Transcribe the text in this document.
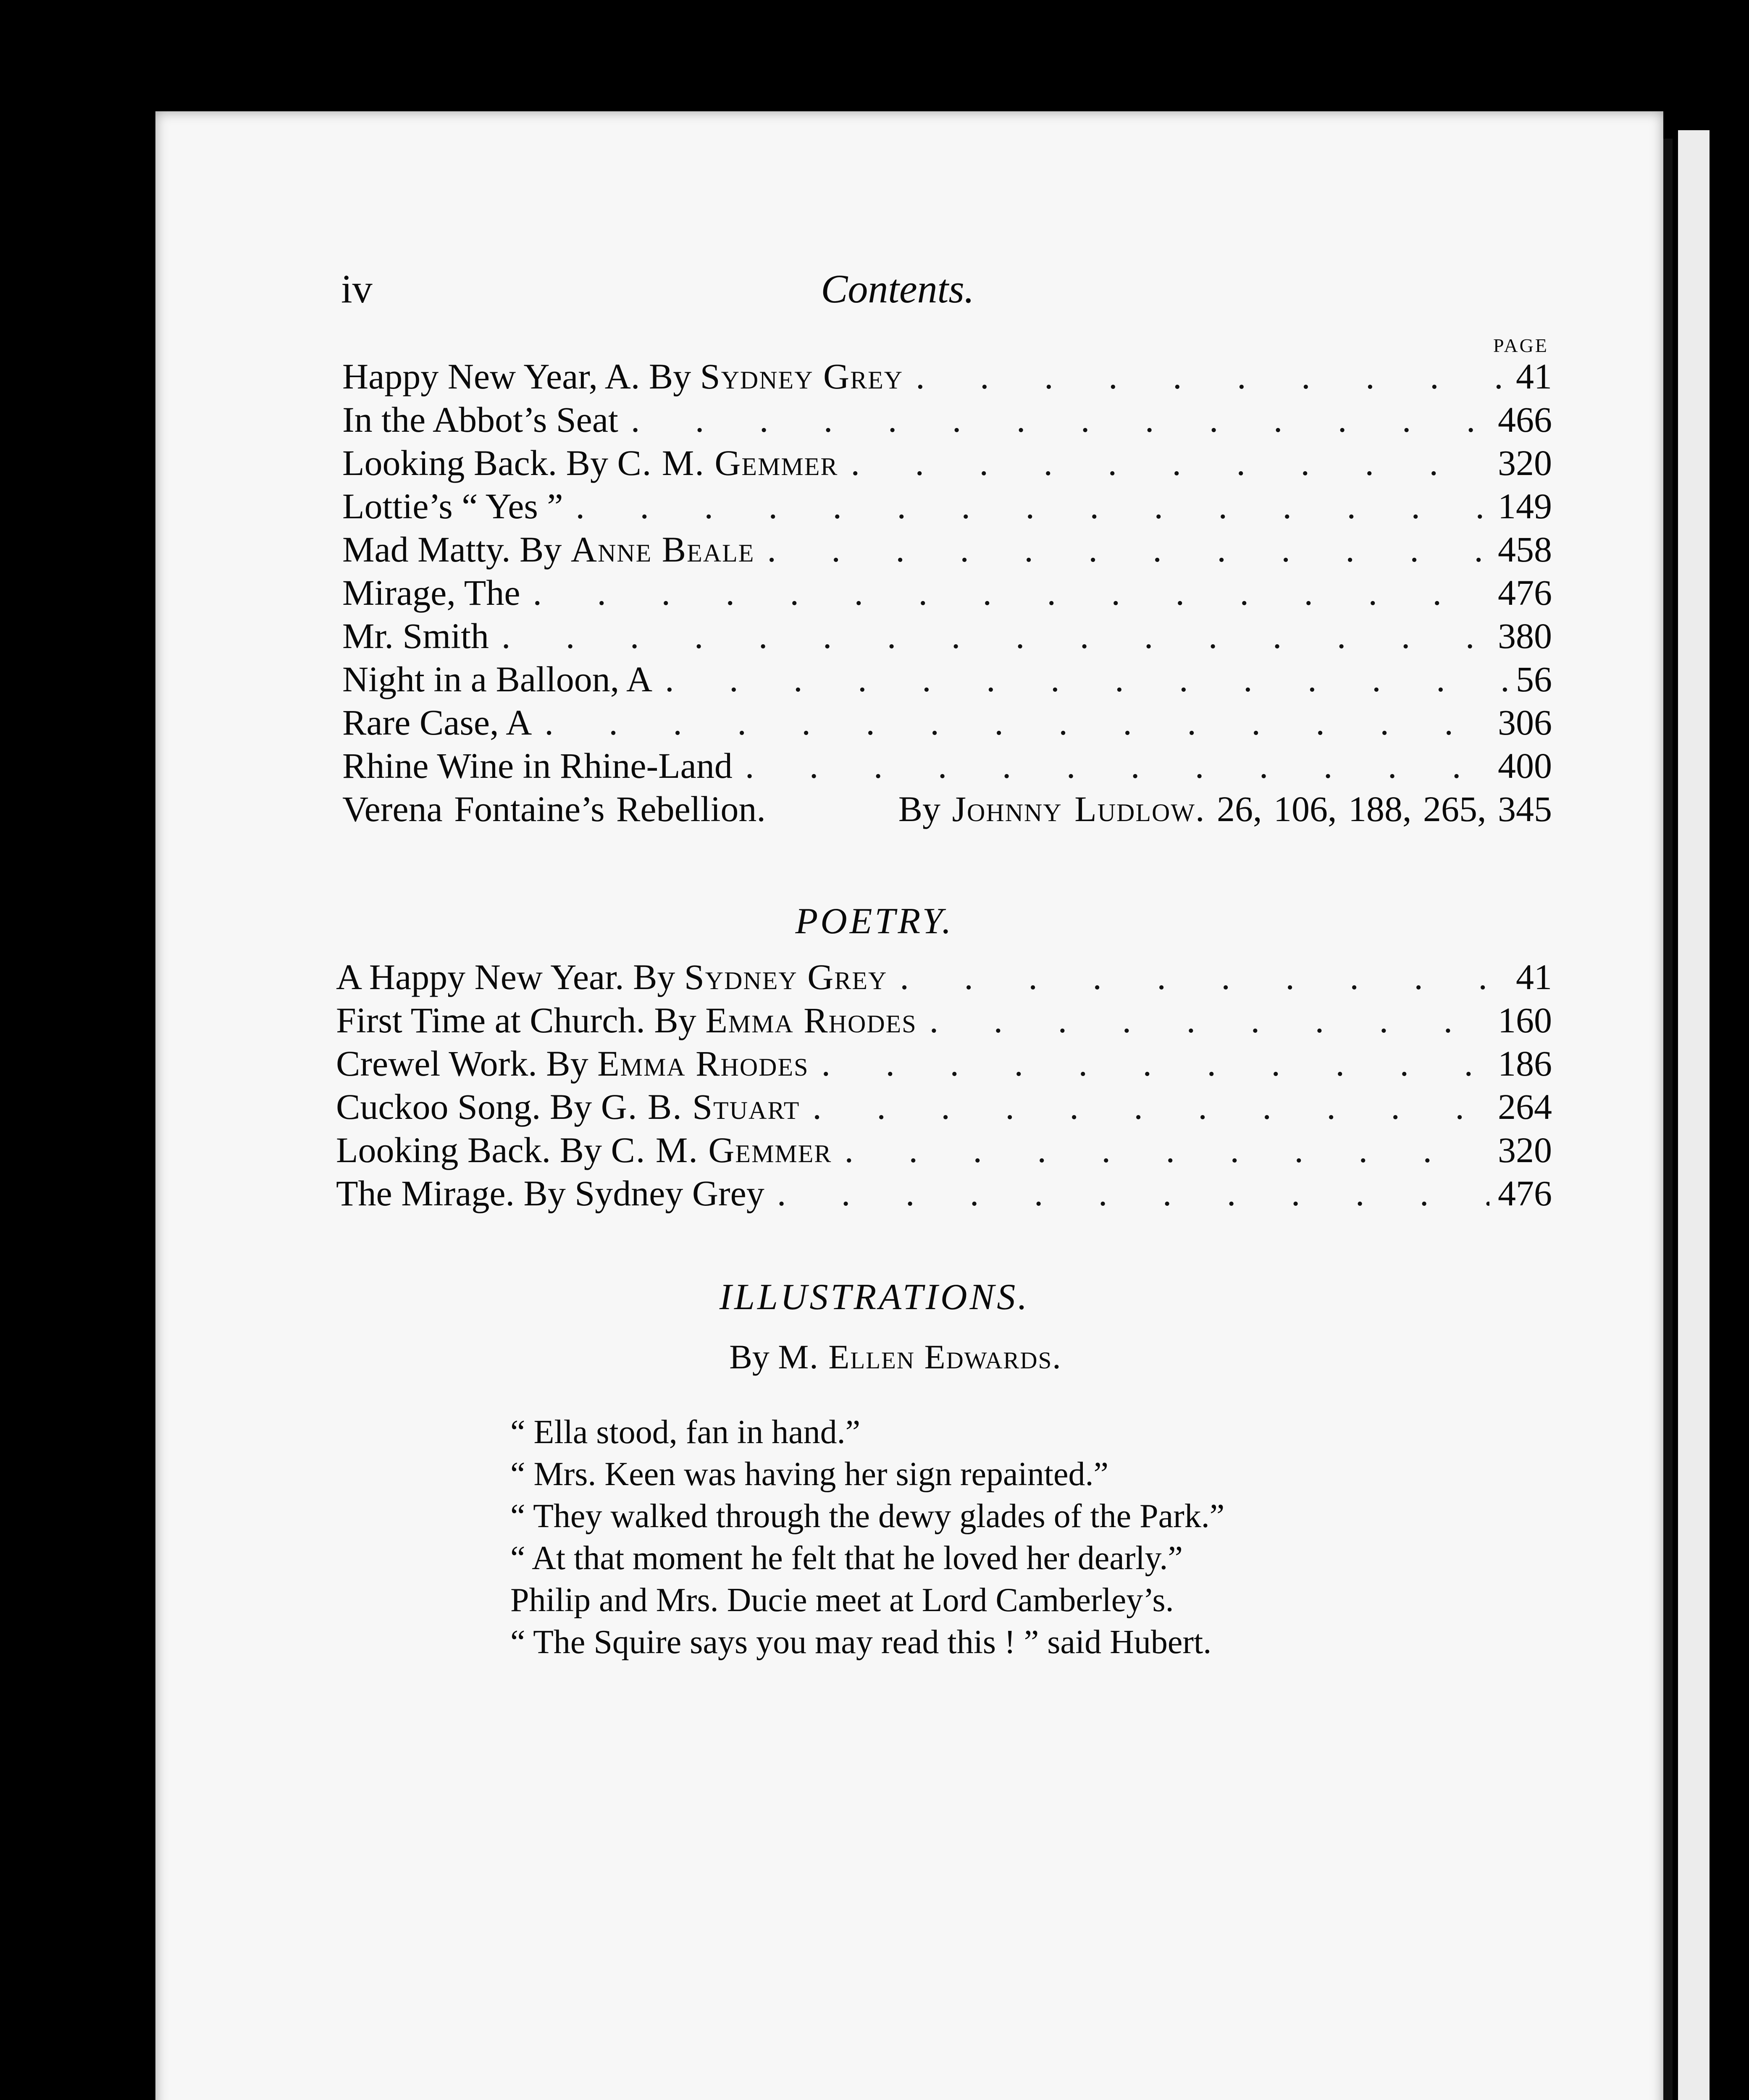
iv	Contents.
PAGE
Happy New Year, A. By Sydney Grey . . .	41
In the Abbot’s Seat . . .	466
Looking Back. By C. M. Gemmer . . .	320
Lottie’s “ Yes ” . . .	149
Mad Matty. By Anne Beale . . .	458
Mirage, The . . .	476
Mr. Smith . . .	380
Night in a Balloon, A . . .	56
Rare Case, A . . .	306
Rhine Wine in Rhine-Land . . .	400
Verena Fontaine’s Rebellion.	By Johnny Ludlow. 26, 106, 188, 265, 345
POETRY.
A Happy New Year. By Sydney Grey . . .	41
First Time at Church. By Emma Rhodes . . .	160
Crewel Work. By Emma Rhodes . . .	186
Cuckoo Song. By G. B. Stuart . . .	264
Looking Back. By C. M. Gemmer . . .	320
The Mirage. By Sydney Grey . . .	476
ILLUSTRATIONS.
By M. Ellen Edwards.
“ Ella stood, fan in hand.”
“ Mrs. Keen was having her sign repainted.”
“ They walked through the dewy glades of the Park.”
“ At that moment he felt that he loved her dearly.”
Philip and Mrs. Ducie meet at Lord Camberley’s.
“ The Squire says you may read this ! ” said Hubert.
